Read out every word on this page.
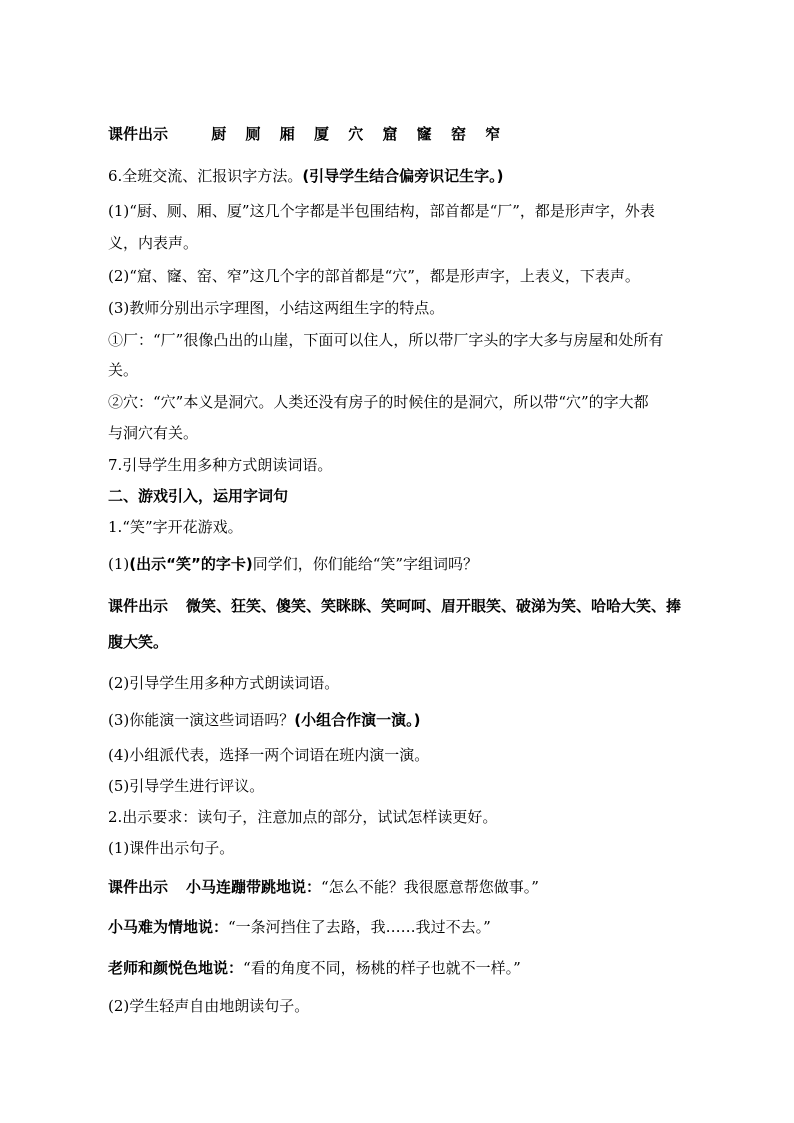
课件出示	厨 厕 厢 厦 穴 窟 窿 窑 窄
6.全班交流、汇报识字方法。(引导学生结合偏旁识记生字。)
(1)“厨、厕、厢、厦”这几个字都是半包围结构，部首都是“厂”，都是形声字，外表
义，内表声。
(2)“窟、窿、窑、窄”这几个字的部首都是“穴”，都是形声字，上表义，下表声。
(3)教师分别出示字理图，小结这两组生字的特点。
①厂：“厂”很像凸出的山崖，下面可以住人，所以带厂字头的字大多与房屋和处所有
关。
②穴：“穴”本义是洞穴。人类还没有房子的时候住的是洞穴，所以带“穴”的字大都
与洞穴有关。
7.引导学生用多种方式朗读词语。
二、游戏引入，运用字词句
1.“笑”字开花游戏。
(1)(出示“笑”的字卡)同学们，你们能给“笑”字组词吗？
课件出示 微笑、狂笑、傻笑、笑眯眯、笑呵呵、眉开眼笑、破涕为笑、哈哈大笑、捧
腹大笑。
(2)引导学生用多种方式朗读词语。
(3)你能演一演这些词语吗？(小组合作演一演。)
(4)小组派代表，选择一两个词语在班内演一演。
(5)引导学生进行评议。
2.出示要求：读句子，注意加点的部分，试试怎样读更好。
(1)课件出示句子。
课件出示 小马连蹦带跳地说：“怎么不能？我很愿意帮您做事。”
小马难为情地说：“一条河挡住了去路，我……我过不去。”
老师和颜悦色地说：“看的角度不同，杨桃的样子也就不一样。”
(2)学生轻声自由地朗读句子。
